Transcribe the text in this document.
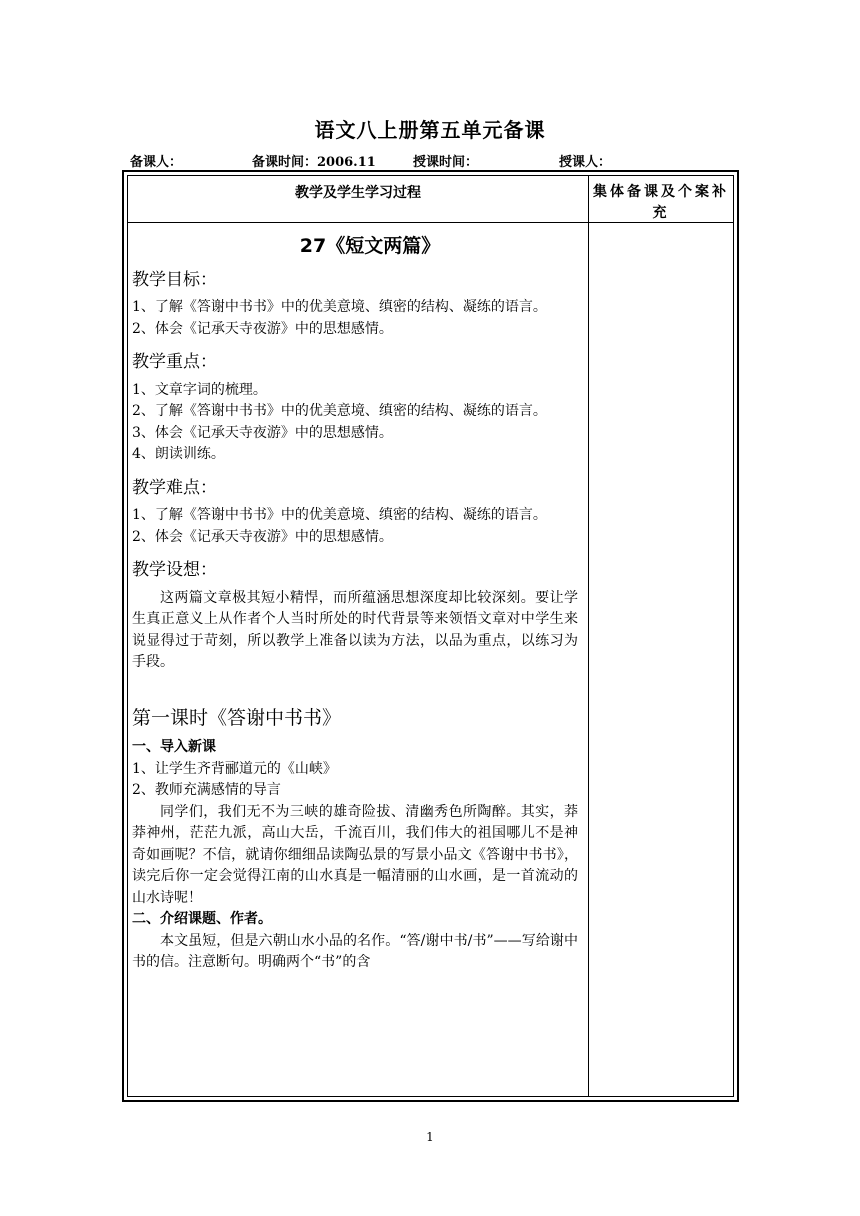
语文八上册第五单元备课
备课人：	备课时间：2006.11	授课时间：	授课人：
教学及学生学习过程	集体备课及个案补充
27《短文两篇》
教学目标：
1、了解《答谢中书书》中的优美意境、缜密的结构、凝练的语言。
2、体会《记承天寺夜游》中的思想感情。
教学重点：
1、文章字词的梳理。
2、了解《答谢中书书》中的优美意境、缜密的结构、凝练的语言。
3、体会《记承天寺夜游》中的思想感情。
4、朗读训练。
教学难点：
1、了解《答谢中书书》中的优美意境、缜密的结构、凝练的语言。
2、体会《记承天寺夜游》中的思想感情。
教学设想：
这两篇文章极其短小精悍，而所蕴涵思想深度却比较深刻。要让学生真正意义上从作者个人当时所处的时代背景等来领悟文章对中学生来说显得过于苛刻，所以教学上准备以读为方法，以品为重点，以练习为手段。
第一课时《答谢中书书》
一、导入新课
1、让学生齐背郦道元的《山峡》
2、教师充满感情的导言
同学们，我们无不为三峡的雄奇险拔、清幽秀色所陶醉。其实，莽莽神州，茫茫九派，高山大岳，千流百川，我们伟大的祖国哪儿不是神奇如画呢？不信，就请你细细品读陶弘景的写景小品文《答谢中书书》，读完后你一定会觉得江南的山水真是一幅清丽的山水画，是一首流动的山水诗呢！
二、介绍课题、作者。
本文虽短，但是六朝山水小品的名作。“答/谢中书/书”——写给谢中书的信。注意断句。明确两个“书”的含
1
